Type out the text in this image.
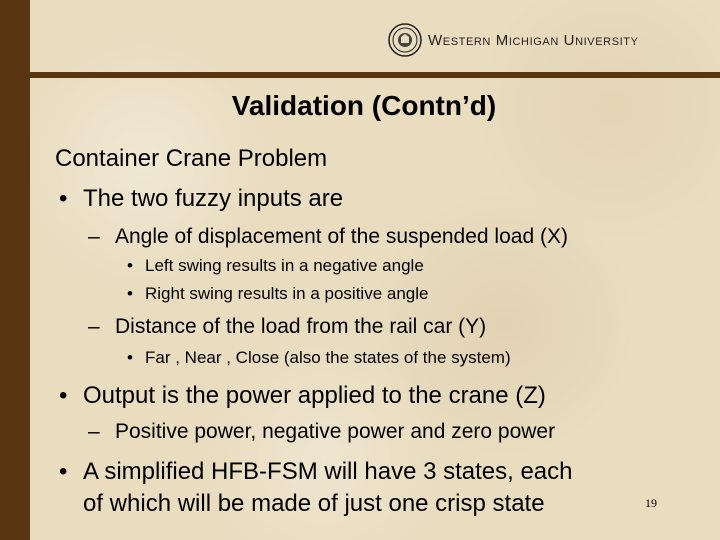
Western Michigan University
Validation (Contn’d)
Container Crane Problem
• The two fuzzy inputs are
– Angle of displacement of the suspended load (X)
• Left swing results in a negative angle
• Right swing results in a positive angle
– Distance of the load from the rail car (Y)
• Far , Near , Close (also the states of the system)
• Output is the power applied to the crane (Z)
– Positive power, negative power and zero power
• A simplified HFB-FSM will have 3 states, each
of which will be made of just one crisp state	19
